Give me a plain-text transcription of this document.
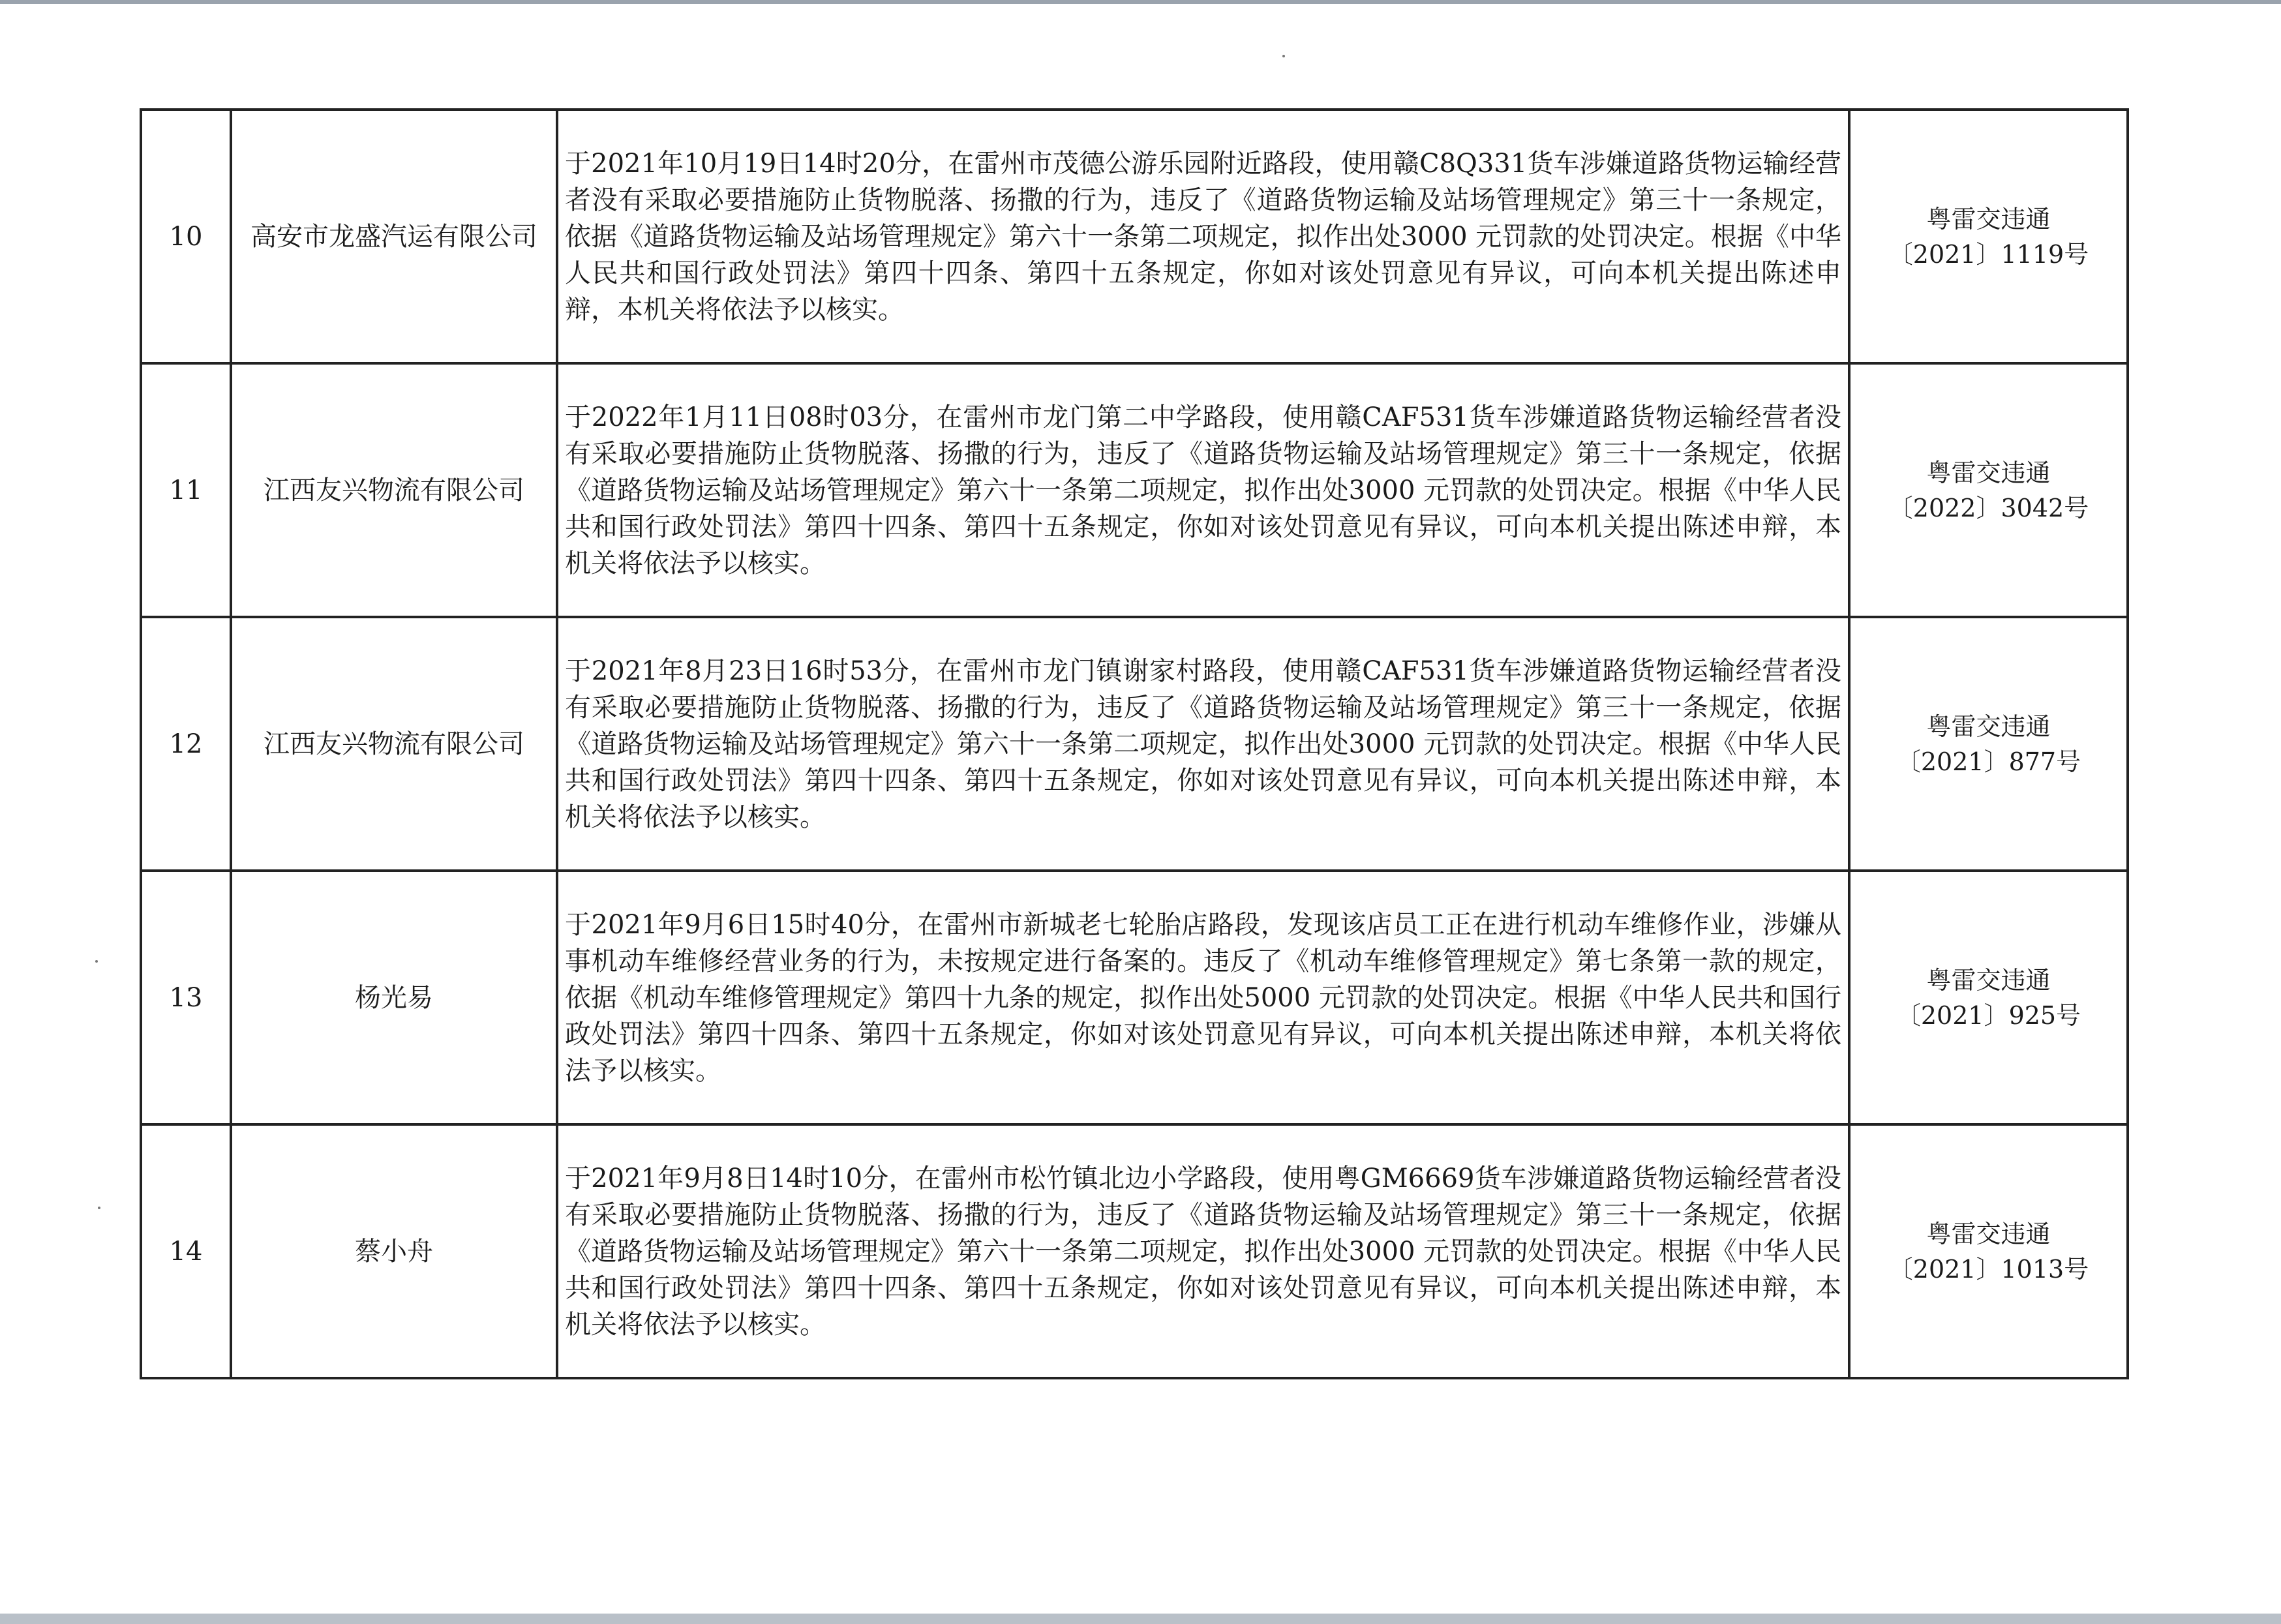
10	高安市龙盛汽运有限公司	于2021年10月19日14时20分，在雷州市茂德公游乐园附近路段，使用赣C8Q331货车涉嫌道路货物运输经营者没有采取必要措施防止货物脱落、扬撒的行为，违反了《道路货物运输及站场管理规定》第三十一条规定，依据《道路货物运输及站场管理规定》第六十一条第二项规定，拟作出处3000 元罚款的处罚决定。根据《中华人民共和国行政处罚法》第四十四条、第四十五条规定，你如对该处罚意见有异议，可向本机关提出陈述申辩，本机关将依法予以核实。	粤雷交违通
〔2021〕1119号

11	江西友兴物流有限公司	于2022年1月11日08时03分，在雷州市龙门第二中学路段，使用赣CAF531货车涉嫌道路货物运输经营者没有采取必要措施防止货物脱落、扬撒的行为，违反了《道路货物运输及站场管理规定》第三十一条规定，依据《道路货物运输及站场管理规定》第六十一条第二项规定，拟作出处3000 元罚款的处罚决定。根据《中华人民共和国行政处罚法》第四十四条、第四十五条规定，你如对该处罚意见有异议，可向本机关提出陈述申辩，本机关将依法予以核实。	粤雷交违通
〔2022〕3042号

12	江西友兴物流有限公司	于2021年8月23日16时53分，在雷州市龙门镇谢家村路段，使用赣CAF531货车涉嫌道路货物运输经营者没有采取必要措施防止货物脱落、扬撒的行为，违反了《道路货物运输及站场管理规定》第三十一条规定，依据《道路货物运输及站场管理规定》第六十一条第二项规定，拟作出处3000 元罚款的处罚决定。根据《中华人民共和国行政处罚法》第四十四条、第四十五条规定，你如对该处罚意见有异议，可向本机关提出陈述申辩，本机关将依法予以核实。	粤雷交违通
〔2021〕877号

13	杨光易	于2021年9月6日15时40分，在雷州市新城老七轮胎店路段，发现该店员工正在进行机动车维修作业，涉嫌从事机动车维修经营业务的行为，未按规定进行备案的。违反了《机动车维修管理规定》第七条第一款的规定，依据《机动车维修管理规定》第四十九条的规定，拟作出处5000 元罚款的处罚决定。根据《中华人民共和国行政处罚法》第四十四条、第四十五条规定，你如对该处罚意见有异议，可向本机关提出陈述申辩，本机关将依法予以核实。	粤雷交违通
〔2021〕925号

14	蔡小舟	于2021年9月8日14时10分，在雷州市松竹镇北边小学路段，使用粤GM6669货车涉嫌道路货物运输经营者没有采取必要措施防止货物脱落、扬撒的行为，违反了《道路货物运输及站场管理规定》第三十一条规定，依据《道路货物运输及站场管理规定》第六十一条第二项规定，拟作出处3000 元罚款的处罚决定。根据《中华人民共和国行政处罚法》第四十四条、第四十五条规定，你如对该处罚意见有异议，可向本机关提出陈述申辩，本机关将依法予以核实。	粤雷交违通
〔2021〕1013号
